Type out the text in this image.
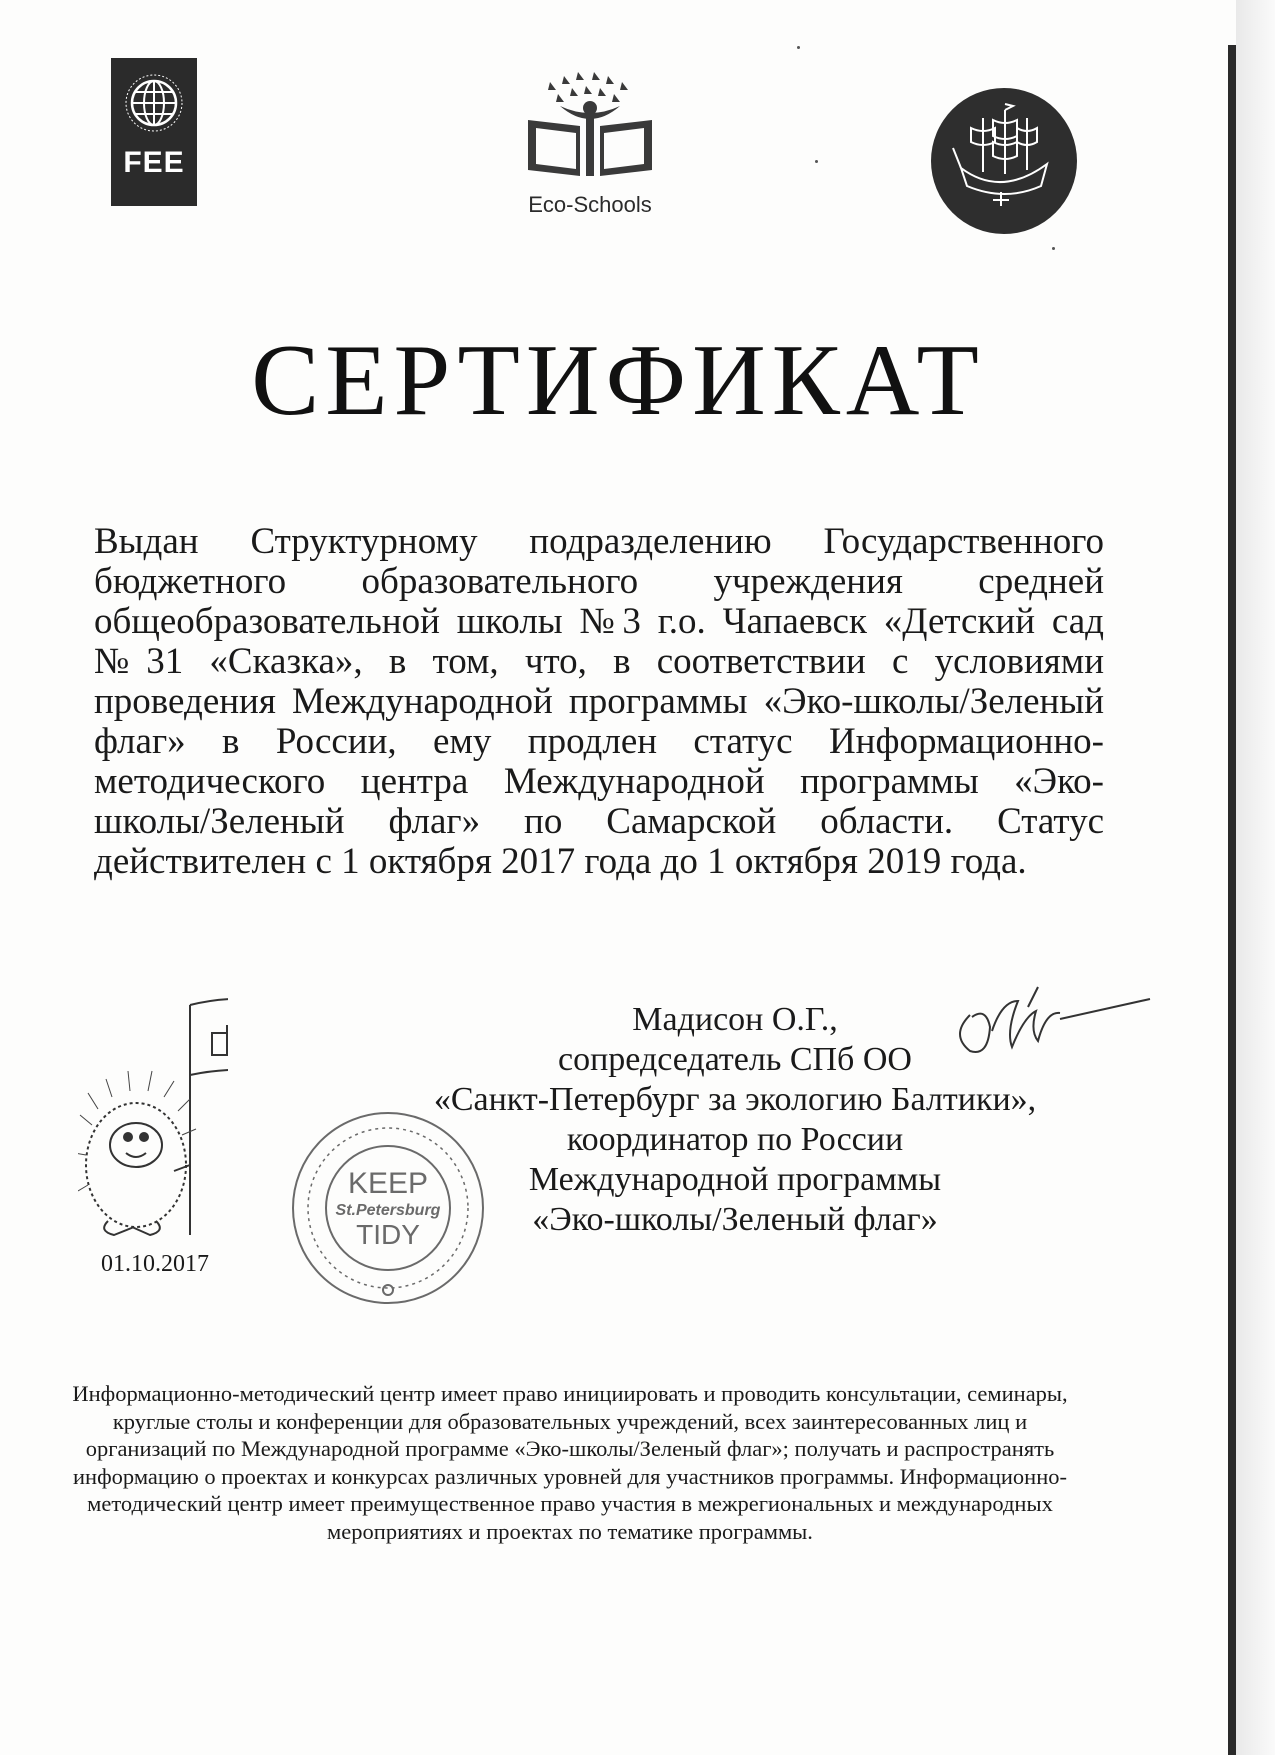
FEE
Eco-Schools
СЕРТИФИКАТ
Выдан Структурному подразделению Государственного бюджетного образовательного учреждения средней общеобразовательной школы №3 г.о. Чапаевск «Детский сад №31 «Сказка», в том, что, в соответствии с условиями проведения Международной программы «Эко-школы/Зеленый флаг» в России, ему продлен статус Информационно-методического центра Международной программы «Эко-школы/Зеленый флаг» по Самарской области. Статус действителен с 1 октября 2017 года до 1 октября 2019 года.
01.10.2017
Мадисон О.Г.,
сопредседатель СПб ОО
«Санкт-Петербург за экологию Балтики»,
координатор по России
Международной программы
«Эко-школы/Зеленый флаг»
KEEP
St.Petersburg
TIDY
Информационно-методический центр имеет право инициировать и проводить консультации, семинары, круглые столы и конференции для образовательных учреждений, всех заинтересованных лиц и организаций по Международной программе «Эко-школы/Зеленый флаг»; получать и распространять информацию о проектах и конкурсах различных уровней для участников программы. Информационно-методический центр имеет преимущественное право участия в межрегиональных и международных мероприятиях и проектах по тематике программы.
